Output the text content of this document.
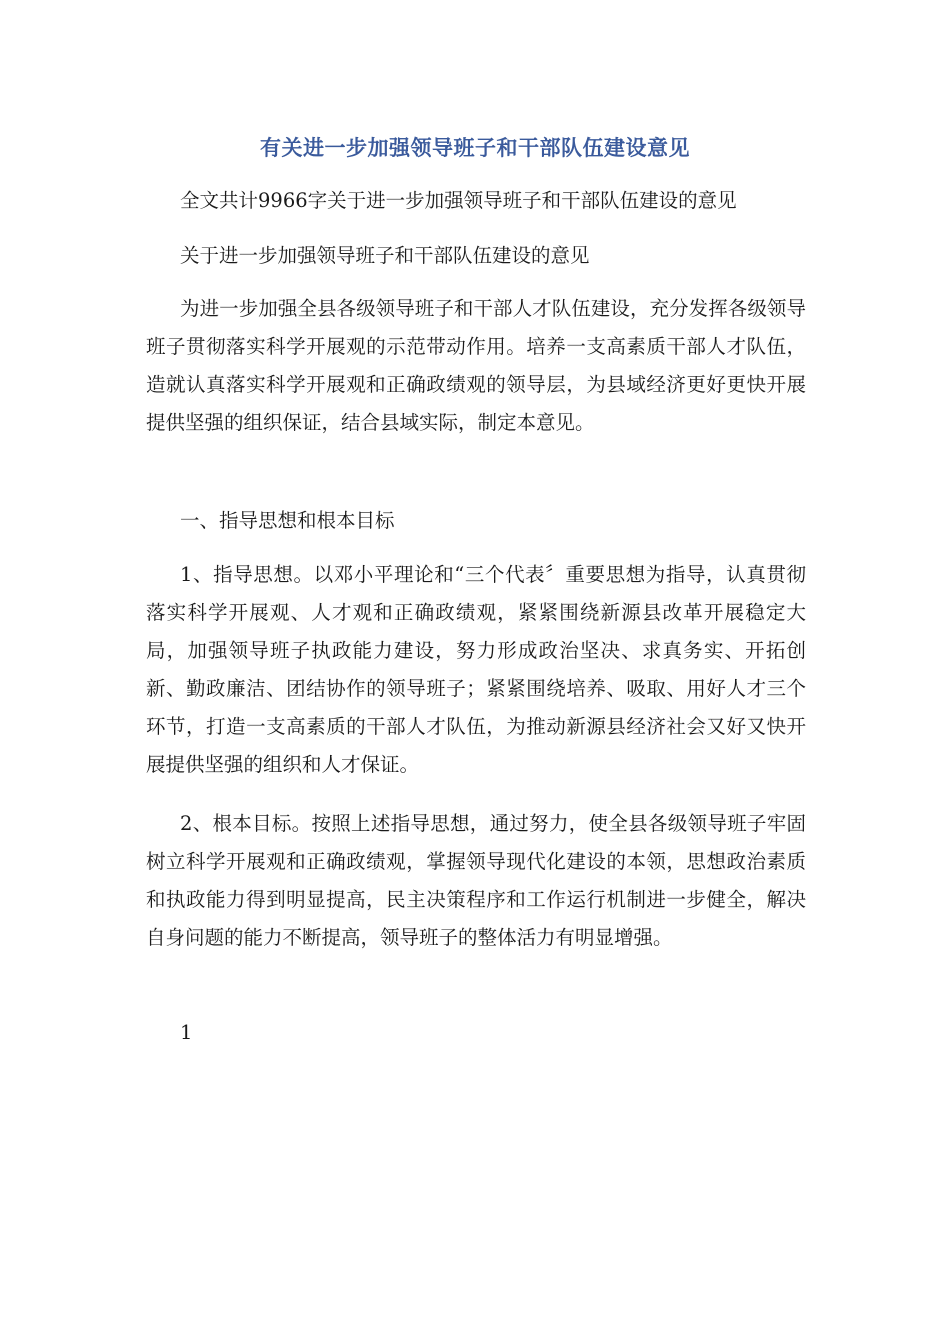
有关进一步加强领导班子和干部队伍建设意见
全文共计9966字关于进一步加强领导班子和干部队伍建设的意见
关于进一步加强领导班子和干部队伍建设的意见
为进一步加强全县各级领导班子和干部人才队伍建设，充分发挥各级领导班子贯彻落实科学开展观的示范带动作用。培养一支高素质干部人才队伍，造就认真落实科学开展观和正确政绩观的领导层，为县域经济更好更快开展提供坚强的组织保证，结合县域实际，制定本意见。
一、指导思想和根本目标
1、指导思想。以邓小平理论和“三个代表〞重要思想为指导，认真贯彻落实科学开展观、人才观和正确政绩观，紧紧围绕新源县改革开展稳定大局，加强领导班子执政能力建设，努力形成政治坚决、求真务实、开拓创新、勤政廉洁、团结协作的领导班子；紧紧围绕培养、吸取、用好人才三个环节，打造一支高素质的干部人才队伍，为推动新源县经济社会又好又快开展提供坚强的组织和人才保证。
2、根本目标。按照上述指导思想，通过努力，使全县各级领导班子牢固树立科学开展观和正确政绩观，掌握领导现代化建设的本领，思想政治素质和执政能力得到明显提高，民主决策程序和工作运行机制进一步健全，解决自身问题的能力不断提高，领导班子的整体活力有明显增强。
1
